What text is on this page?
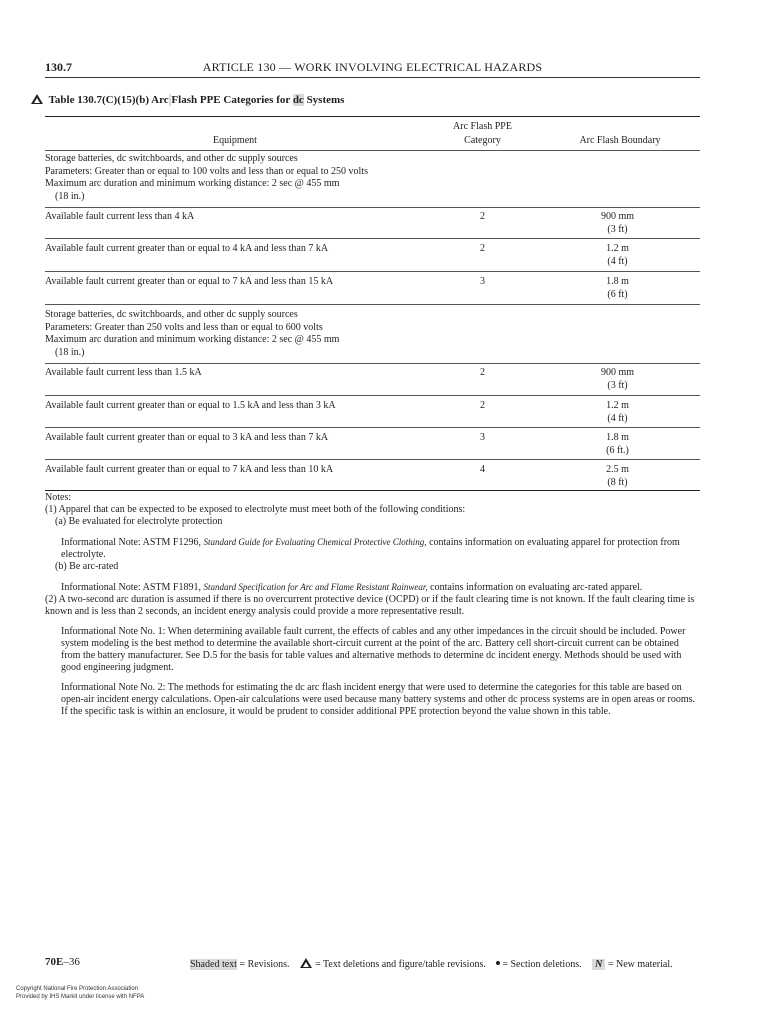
130.7	ARTICLE 130 — WORK INVOLVING ELECTRICAL HAZARDS
Table 130.7(C)(15)(b) Arc Flash PPE Categories for dc Systems
Equipment
Arc Flash PPE
Category	Arc Flash Boundary
Storage batteries, dc switchboards, and other dc supply sources
Parameters: Greater than or equal to 100 volts and less than or equal to 250 volts
Maximum arc duration and minimum working distance: 2 sec @ 455 mm
(18 in.)
Available fault current less than 4 kA	2	900 mm
(3 ft)
Available fault current greater than or equal to 4 kA and less than 7 kA	2	1.2 m
(4 ft)
Available fault current greater than or equal to 7 kA and less than 15 kA	3	1.8 m
(6 ft)
Storage batteries, dc switchboards, and other dc supply sources
Parameters: Greater than 250 volts and less than or equal to 600 volts
Maximum arc duration and minimum working distance: 2 sec @ 455 mm
(18 in.)
Available fault current less than 1.5 kA	2	900 mm
(3 ft)
Available fault current greater than or equal to 1.5 kA and less than 3 kA	2	1.2 m
(4 ft)
Available fault current greater than or equal to 3 kA and less than 7 kA	3	1.8 m
(6 ft.)
Available fault current greater than or equal to 7 kA and less than 10 kA	4	2.5 m
(8 ft)

Notes:

(1) Apparel that can be expected to be exposed to electrolyte must meet both of the following conditions:

(a) Be evaluated for electrolyte protection

Informational Note: ASTM F1296, Standard Guide for Evaluating Chemical Protective Clothing, contains information on evaluating apparel for protection from electrolyte.

(b) Be arc-rated

Informational Note: ASTM F1891, Standard Specification for Arc and Flame Resistant Rainwear, contains information on evaluating arc-rated apparel.

(2) A two-second arc duration is assumed if there is no overcurrent protective device (OCPD) or if the fault clearing time is not known. If the fault clearing time is known and is less than 2 seconds, an incident energy analysis could provide a more representative result.

Informational Note No. 1: When determining available fault current, the effects of cables and any other impedances in the circuit should be included. Power system modeling is the best method to determine the available short-circuit current at the point of the arc. Battery cell short-circuit current can be obtained from the battery manufacturer. See D.5 for the basis for table values and alternative methods to determine dc incident energy. Methods should be used with good engineering judgment.

Informational Note No. 2: The methods for estimating the dc arc flash incident energy that were used to determine the categories for this table are based on open-air incident energy calculations. Open-air calculations were used because many battery systems and other dc process systems are in open areas or rooms. If the specific task is within an enclosure, it would be prudent to consider additional PPE protection beyond the value shown in this table.

70E–36	Shaded text = Revisions.	= Text deletions and figure/table revisions. = Section deletions. N = New material.
Copyright National Fire Protection Association
Provided by IHS Markit under license with NFPA
